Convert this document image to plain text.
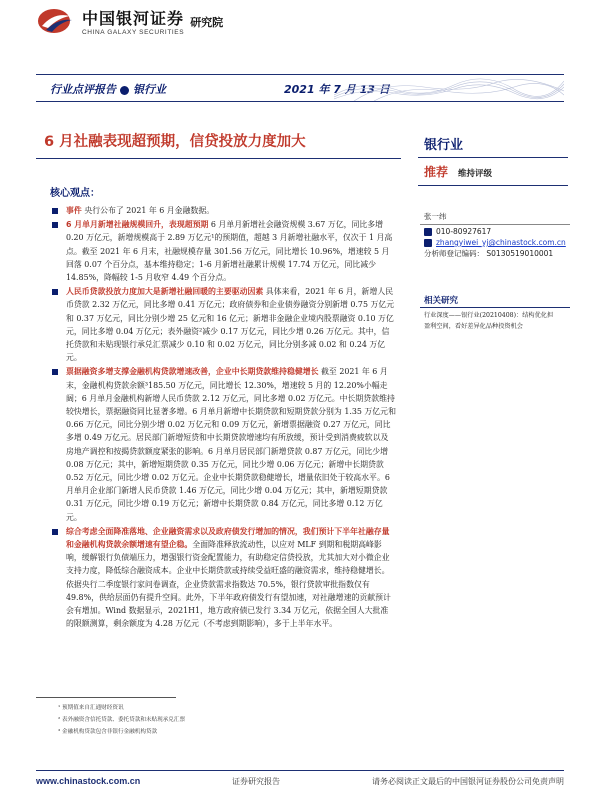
中国银河证券
CHINA GALAXY SECURITIES
研究院
行业点评报告 银行业	2021 年 7 月 13 日
6 月社融表现超预期，信贷投放力度加大	银行业
推荐 维持评级
张一纬
010-80927617
zhangyiwei_yj@chinastock.com.cn
分析师登记编码： S0130519010001
相关研究
行业深度——银行业(20210408)：结构优化担
盈利空间，看好差异化品种投资机会
核心观点：
事件 央行公布了 2021 年 6 月金融数据。
6 月单月新增社融规模回升，表现超预期 6 月单月新增社会融资规模 3.67 万亿，同比多增 0.20 万亿元，新增规模高于 2.89 万亿元¹的预期值，超越 3 月新增社融水平，仅次于 1 月高点。截至 2021 年 6 月末，社融规模存量 301.56 万亿元，同比增长 10.96%，增速较 5 月回落 0.07 个百分点，基本维持稳定；1-6 月新增社融累计规模 17.74 万亿元，同比减少 14.85%，降幅较 1-5 月收窄 4.49 个百分点。
人民币贷款投放力度加大是新增社融回暖的主要驱动因素 具体来看，2021 年 6 月，新增人民币贷款 2.32 万亿元，同比多增 0.41 万亿元；政府债券和企业债券融资分别新增 0.75 万亿元和 0.37 万亿元，同比分别少增 25 亿元和 16 亿元；新增非金融企业境内股票融资 0.10 万亿元，同比多增 0.04 万亿元；表外融资²减少 0.17 万亿元，同比少增 0.26 万亿元。其中，信托贷款和未贴现银行承兑汇票减少 0.10 和 0.02 万亿元，同比分别多减 0.02 和 0.24 万亿元。
票据融资多增支撑金融机构贷款增速改善，企业中长期贷款维持稳健增长 截至 2021 年 6 月末，金融机构贷款余额³185.50 万亿元，同比增长 12.30%，增速较 5 月的 12.20%小幅走阔；6 月单月金融机构新增人民币贷款 2.12 万亿元，同比多增 0.02 万亿元。中长期贷款维持较快增长，票据融资同比显著多增。6 月单月新增中长期贷款和短期贷款分别为 1.35 万亿元和 0.66 万亿元，同比分别少增 0.02 万亿元和 0.09 万亿元，新增票据融资 0.27 万亿元，同比多增 0.49 万亿元。居民部门新增短贷和中长期贷款增速均有所放缓，预计受到消费疲软以及房地产调控和按揭贷款额度紧张的影响。6 月单月居民部门新增贷款 0.87 万亿元，同比少增 0.08 万亿元；其中，新增短期贷款 0.35 万亿元，同比少增 0.06 万亿元；新增中长期贷款 0.52 万亿元，同比少增 0.02 万亿元。企业中长期贷款稳健增长，增量依旧处于较高水平。6 月单月企业部门新增人民币贷款 1.46 万亿元，同比少增 0.04 万亿元；其中，新增短期贷款 0.31 万亿元，同比少增 0.19 万亿元；新增中长期贷款 0.84 万亿元，同比多增 0.12 万亿元。
综合考虑全面降准落地、企业融资需求以及政府债发行增加的情况，我们预计下半年社融存量和金融机构贷款余额增速有望企稳。全面降准释放流动性，以应对 MLF 到期和税期高峰影响，缓解银行负债端压力，增强银行资金配置能力，有助稳定信贷投放，尤其加大对小微企业支持力度，降低综合融资成本。企业中长期贷款或持续受益旺盛的融资需求，维持稳健增长。依据央行二季度银行家问卷调查，企业贷款需求指数达 70.5%，银行贷款审批指数仅有 49.8%，供给层面仍有提升空间。此外，下半年政府债发行有望加速，对社融增速的贡献预计会有增加。Wind 数据显示，2021H1，地方政府债已发行 3.34 万亿元，依据全国人大批准的限额测算，剩余额度为 4.28 万亿元（不考虑到期影响），多于上半年水平。
¹ 预期值来自汇通财经资讯
² 表外融资含信托贷款、委托贷款和未贴现承兑汇票
³ 金融机构贷款包含非银行金融机构贷款
www.chinastock.com.cn	证券研究报告	请务必阅读正文最后的中国银河证券股份公司免责声明
